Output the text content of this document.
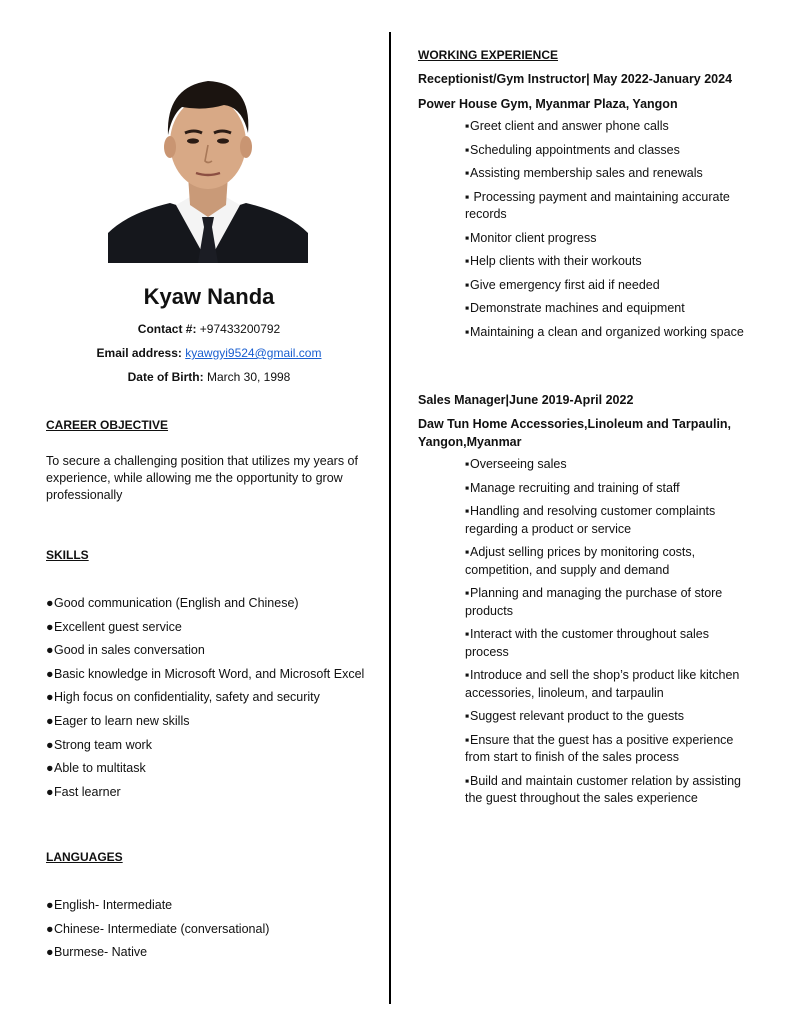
Kyaw Nanda
Contact #: +97433200792
Email address: kyawgyi9524@gmail.com
Date of Birth: March 30, 1998
CAREER OBJECTIVE
To secure a challenging position that utilizes my years of experience, while allowing me the opportunity to grow professionally
SKILLS
●Good communication (English and Chinese)
●Excellent guest service
●Good in sales conversation
●Basic knowledge in Microsoft Word, and Microsoft Excel
●High focus on confidentiality, safety and security
●Eager to learn new skills
●Strong team work
●Able to multitask
●Fast learner
LANGUAGES
●English- Intermediate
●Chinese- Intermediate (conversational)
●Burmese- Native
WORKING EXPERIENCE
Receptionist/Gym Instructor| May 2022-January 2024
Power House Gym, Myanmar Plaza, Yangon
▪Greet client and answer phone calls
▪Scheduling appointments and classes
▪Assisting membership sales and renewals
▪ Processing payment and maintaining accurate records
▪Monitor client progress
▪Help clients with their workouts
▪Give emergency first aid if needed
▪Demonstrate machines and equipment
▪Maintaining a clean and organized working space
Sales Manager|June 2019-April 2022
Daw Tun Home Accessories,Linoleum and Tarpaulin, Yangon,Myanmar
▪Overseeing sales
▪Manage recruiting and training of staff
▪Handling and resolving customer complaints regarding a product or service
▪Adjust selling prices by monitoring costs, competition, and supply and demand
▪Planning and managing the purchase of store products
▪Interact with the customer throughout sales process
▪Introduce and sell the shop’s product like kitchen accessories, linoleum, and tarpaulin
▪Suggest relevant product to the guests
▪Ensure that the guest has a positive experience from start to finish of the sales process
▪Build and maintain customer relation by assisting the guest throughout the sales experience
